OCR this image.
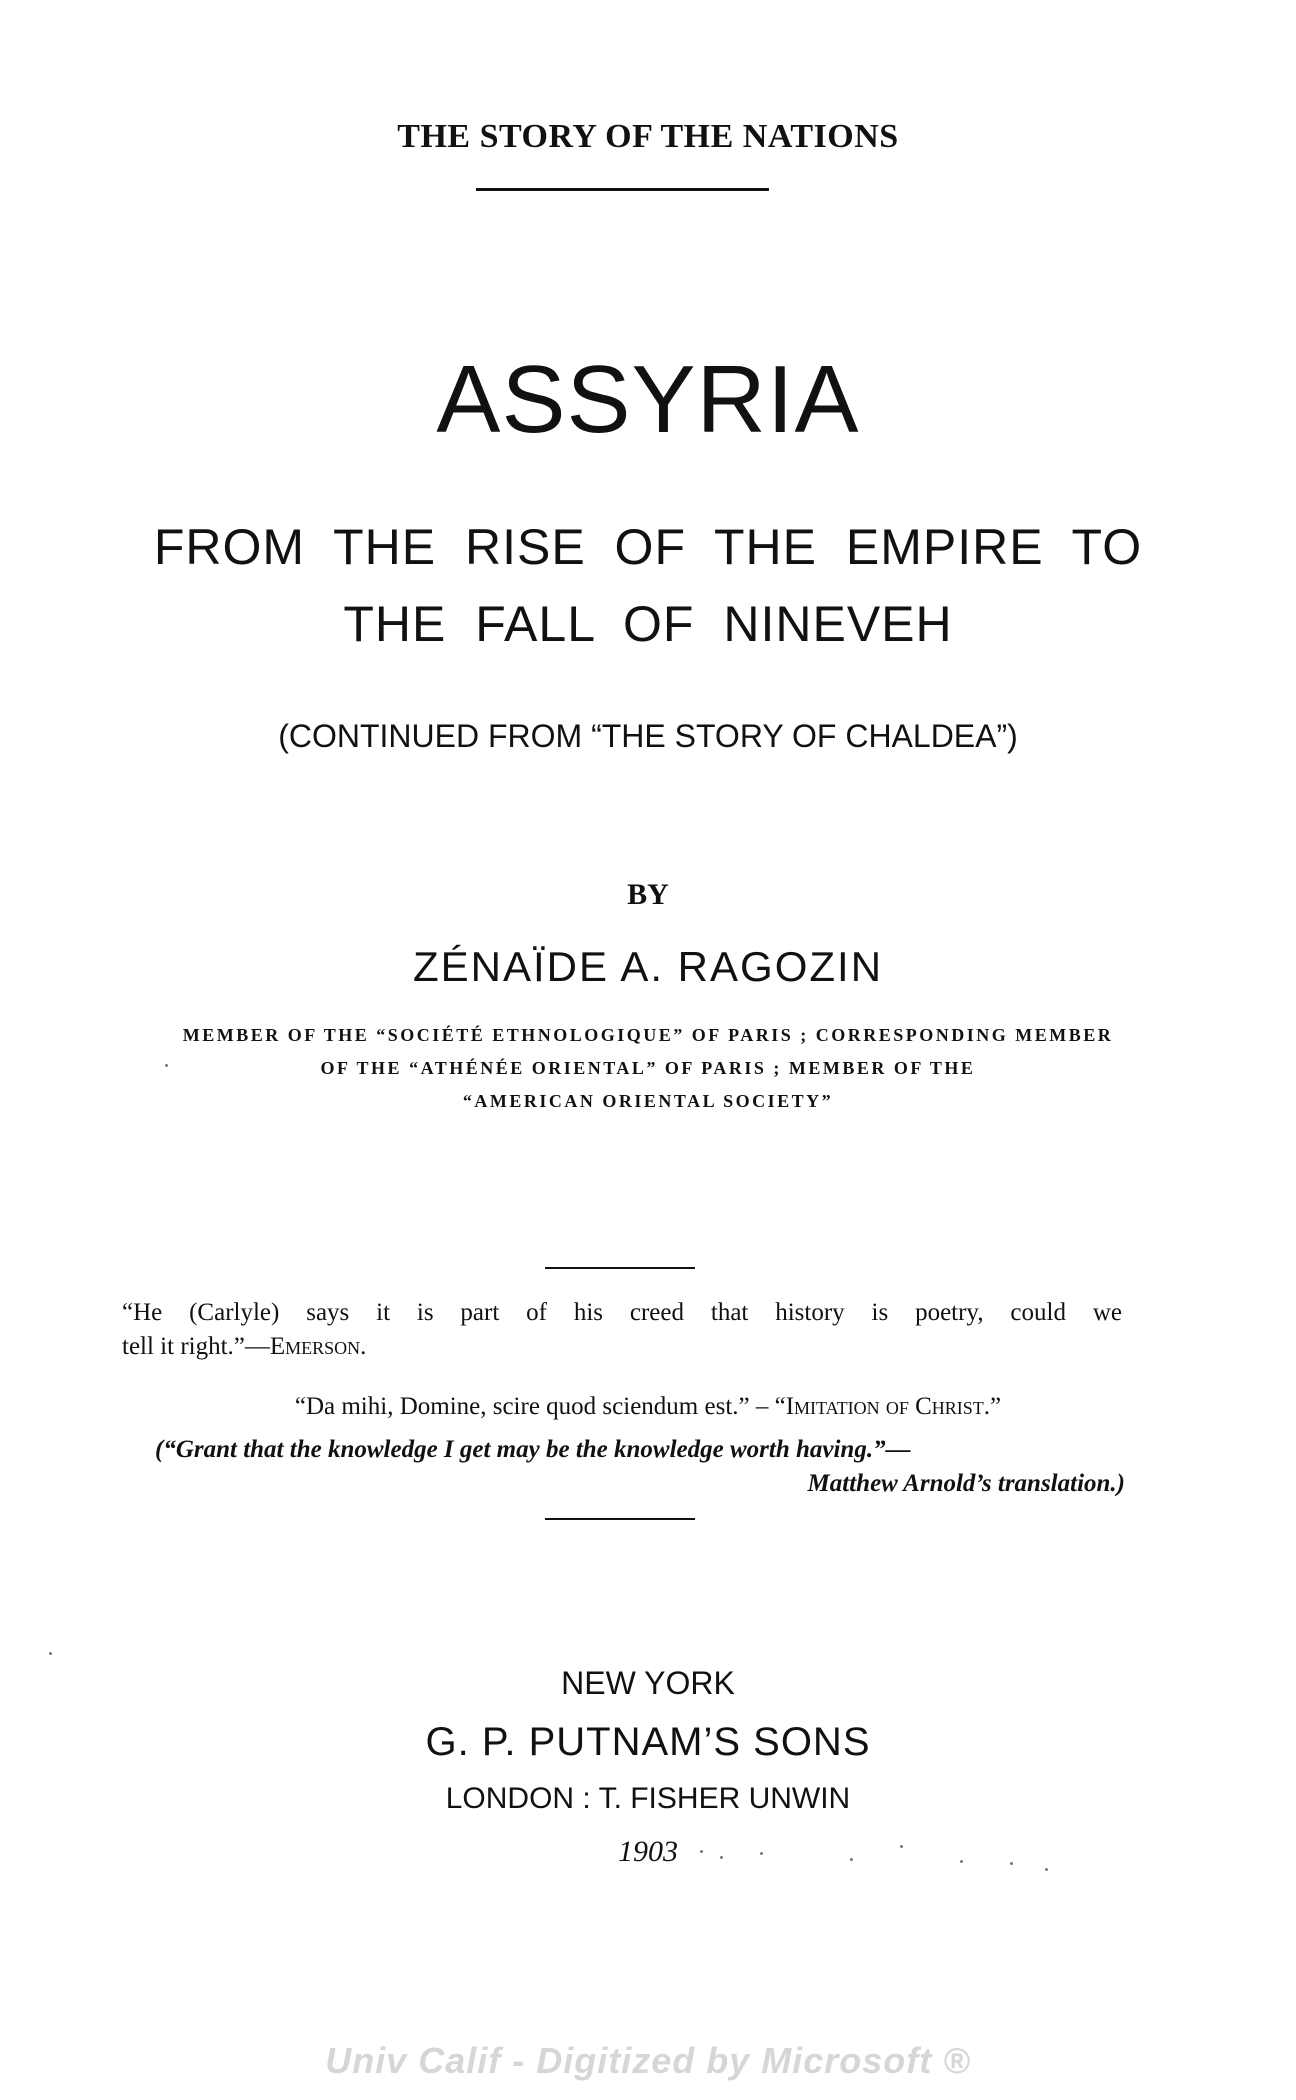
THE STORY OF THE NATIONS
ASSYRIA
FROM THE RISE OF THE EMPIRE TO
THE FALL OF NINEVEH
(CONTINUED FROM “THE STORY OF CHALDEA”)
BY
ZÉNAÏDE A. RAGOZIN
MEMBER OF THE “SOCIÉTÉ ETHNOLOGIQUE” OF PARIS ; CORRESPONDING MEMBER
OF THE “ATHÉNÉE ORIENTAL” OF PARIS ; MEMBER OF THE
“AMERICAN ORIENTAL SOCIETY”
“He (Carlyle) says it is part of his creed that history is poetry, could we
tell it right.”—Emerson.
“Da mihi, Domine, scire quod sciendum est.” – “Imitation of Christ.”
(“Grant that the knowledge I get may be the knowledge worth having.”—
Matthew Arnold’s translation.)
NEW YORK
G. P. PUTNAM’S SONS
LONDON : T. FISHER UNWIN
1903
Univ Calif - Digitized by Microsoft ®
